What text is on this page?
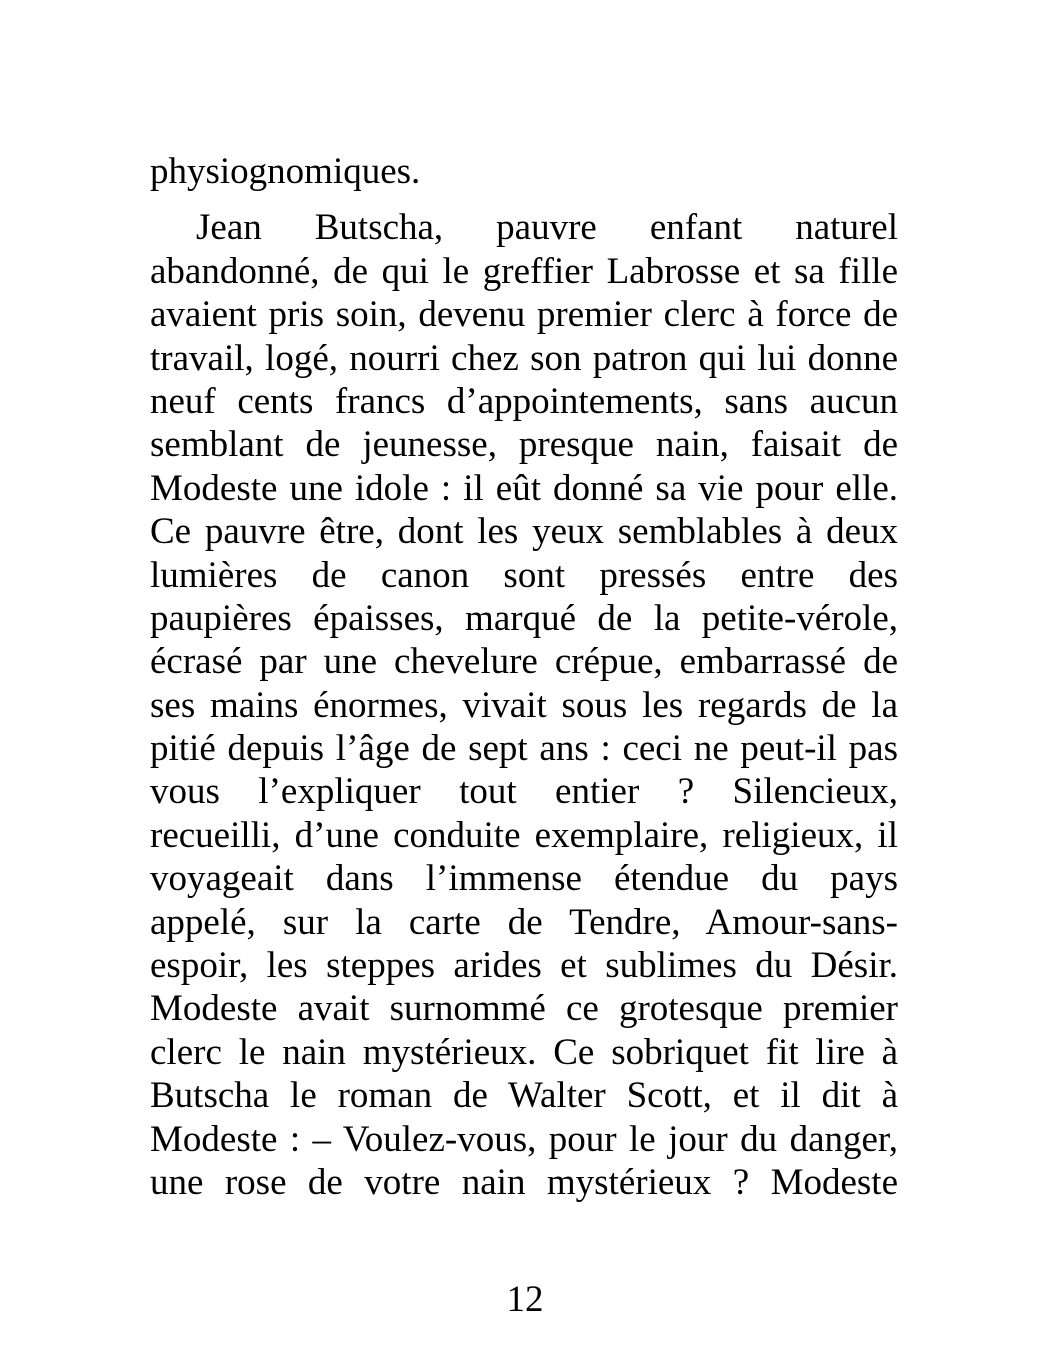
physiognomiques.
Jean Butscha, pauvre enfant naturel
abandonné, de qui le greffier Labrosse et sa fille
avaient pris soin, devenu premier clerc à force de
travail, logé, nourri chez son patron qui lui donne
neuf cents francs d’appointements, sans aucun
semblant de jeunesse, presque nain, faisait de
Modeste une idole : il eût donné sa vie pour elle.
Ce pauvre être, dont les yeux semblables à deux
lumières de canon sont pressés entre des
paupières épaisses, marqué de la petite-vérole,
écrasé par une chevelure crépue, embarrassé de
ses mains énormes, vivait sous les regards de la
pitié depuis l’âge de sept ans : ceci ne peut-il pas
vous l’expliquer tout entier ? Silencieux,
recueilli, d’une conduite exemplaire, religieux, il
voyageait dans l’immense étendue du pays
appelé, sur la carte de Tendre, Amour-sans-
espoir, les steppes arides et sublimes du Désir.
Modeste avait surnommé ce grotesque premier
clerc le nain mystérieux. Ce sobriquet fit lire à
Butscha le roman de Walter Scott, et il dit à
Modeste : – Voulez-vous, pour le jour du danger,
une rose de votre nain mystérieux ? Modeste
12
